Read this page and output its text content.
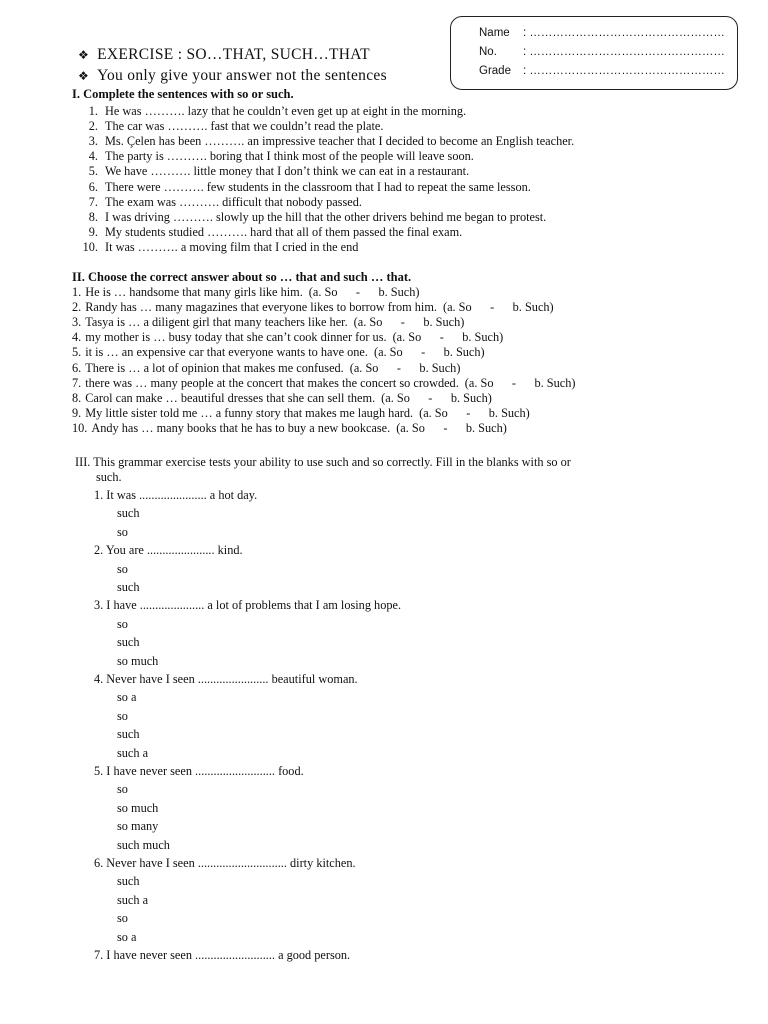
Name : ……………………………………………
No. : ……………………………………………
Grade : ……………………………………………
❖ EXERCISE : SO…THAT, SUCH…THAT
❖ You only give your answer not the sentences
I. Complete the sentences with so or such.
1. He was ………. lazy that he couldn’t even get up at eight in the morning.
2. The car was ………. fast that we couldn’t read the plate.
3. Ms. Çelen has been ………. an impressive teacher that I decided to become an English teacher.
4. The party is ………. boring that I think most of the people will leave soon.
5. We have ………. little money that I don’t think we can eat in a restaurant.
6. There were ………. few students in the classroom that I had to repeat the same lesson.
7. The exam was ………. difficult that nobody passed.
8. I was driving ………. slowly up the hill that the other drivers behind me began to protest.
9. My students studied ………. hard that all of them passed the final exam.
10. It was ………. a moving film that I cried in the end
II. Choose the correct answer about so … that and such … that.
1. He is … handsome that many girls like him. (a. So      -      b. Such)
2. Randy has … many magazines that everyone likes to borrow from him. (a. So      -      b. Such)
3. Tasya is … a diligent girl that many teachers like her. (a. So      -      b. Such)
4. my mother is … busy today that she can’t cook dinner for us. (a. So      -      b. Such)
5. it is … an expensive car that everyone wants to have one. (a. So      -      b. Such)
6. There is … a lot of opinion that makes me confused. (a. So      -      b. Such)
7. there was … many people at the concert that makes the concert so crowded. (a. So      -      b. Such)
8. Carol can make … beautiful dresses that she can sell them. (a. So      -      b. Such)
9. My little sister told me … a funny story that makes me laugh hard. (a. So      -      b. Such)
10. Andy has … many books that he has to buy a new bookcase. (a. So      -      b. Such)
III. This grammar exercise tests your ability to use such and so correctly. Fill in the blanks with so or
such.
1. It was ...................... a hot day.
such
so
2. You are ...................... kind.
so
such
3. I have ..................... a lot of problems that I am losing hope.
so
such
so much
4. Never have I seen ....................... beautiful woman.
so a
so
such
such a
5. I have never seen .......................... food.
so
so much
so many
such much
6. Never have I seen ............................. dirty kitchen.
such
such a
so
so a
7. I have never seen .......................... a good person.
